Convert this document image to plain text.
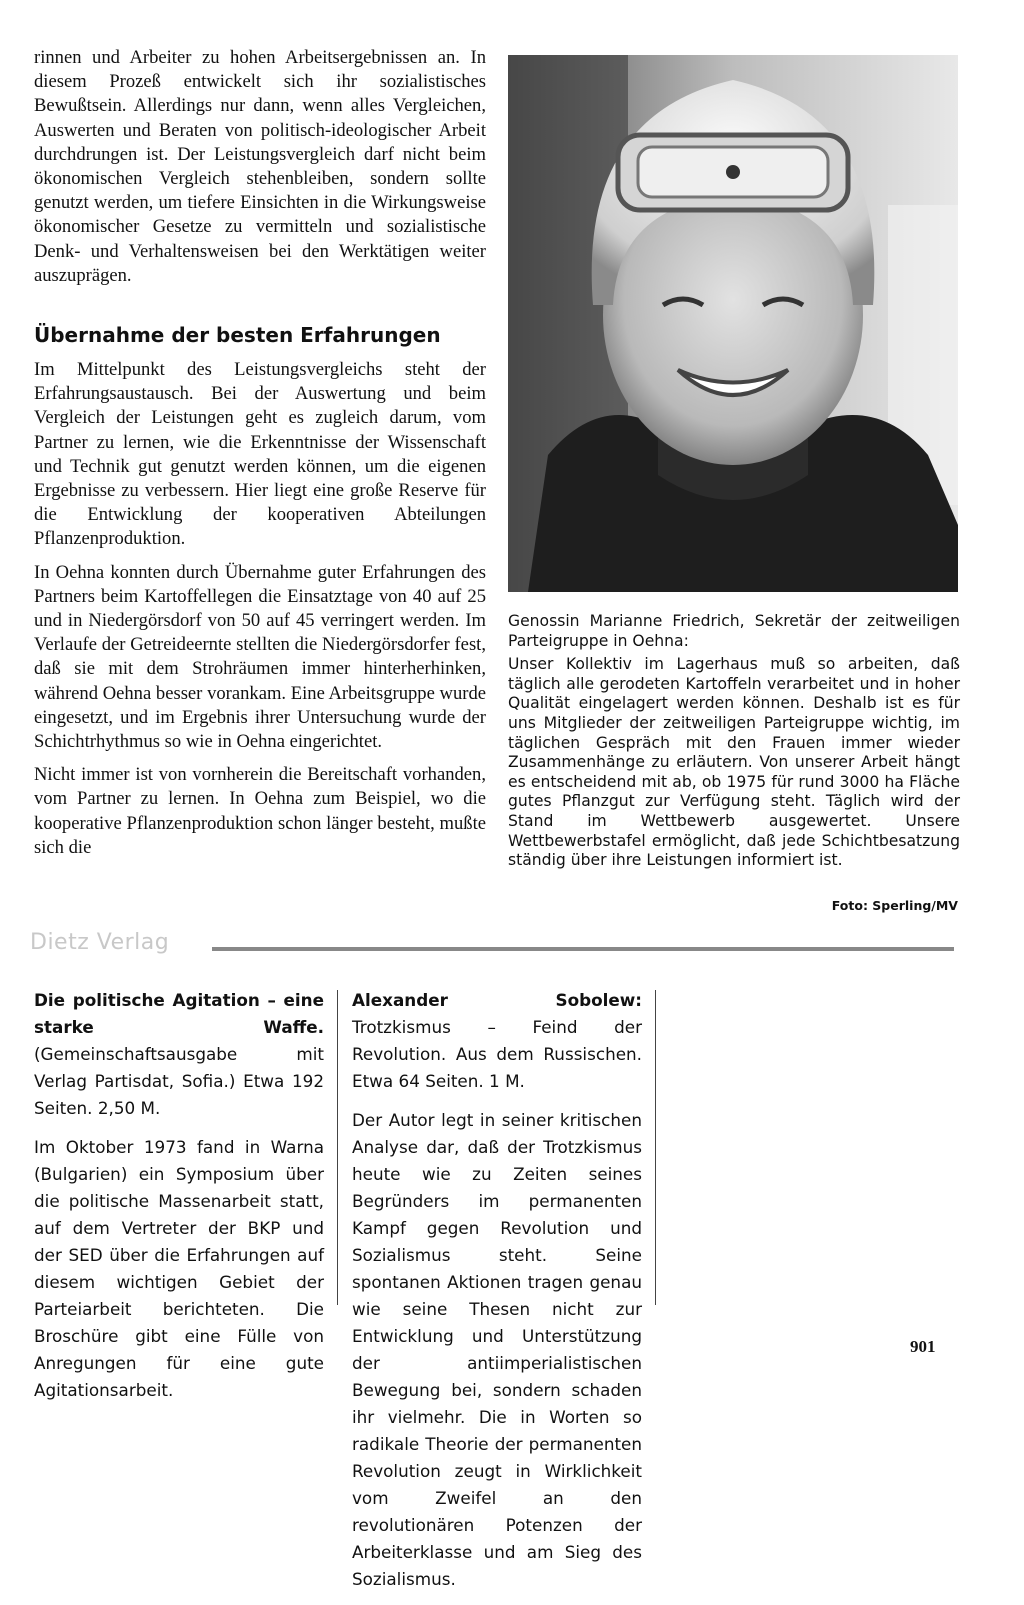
rinnen und Arbeiter zu hohen Arbeitsergebnissen an. In diesem Prozeß entwickelt sich ihr sozialistisches Bewußtsein. Allerdings nur dann, wenn alles Vergleichen, Auswerten und Beraten von politisch-ideologischer Arbeit durchdrungen ist. Der Leistungsvergleich darf nicht beim ökonomischen Vergleich stehenbleiben, sondern sollte genutzt werden, um tiefere Einsichten in die Wirkungsweise ökonomischer Gesetze zu vermitteln und sozialistische Denk- und Verhaltensweisen bei den Werktätigen weiter auszuprägen.

Übernahme der besten Erfahrungen

Im Mittelpunkt des Leistungsvergleichs steht der Erfahrungsaustausch. Bei der Auswertung und beim Vergleich der Leistungen geht es zugleich darum, vom Partner zu lernen, wie die Erkenntnisse der Wissenschaft und Technik gut genutzt werden können, um die eigenen Ergebnisse zu verbessern. Hier liegt eine große Reserve für die Entwicklung der kooperativen Abteilungen Pflanzenproduktion.

In Oehna konnten durch Übernahme guter Erfahrungen des Partners beim Kartoffellegen die Einsatztage von 40 auf 25 und in Niedergörsdorf von 50 auf 45 verringert werden. Im Verlaufe der Getreideernte stellten die Niedergörsdorfer fest, daß sie mit dem Strohräumen immer hinterherhinken, während Oehna besser vorankam. Eine Arbeitsgruppe wurde eingesetzt, und im Ergebnis ihrer Untersuchung wurde der Schichtrhythmus so wie in Oehna eingerichtet.

Nicht immer ist von vornherein die Bereitschaft vorhanden, vom Partner zu lernen. In Oehna zum Beispiel, wo die kooperative Pflanzenproduktion schon länger besteht, mußte sich die

Genossin Marianne Friedrich, Sekretär der zeitweiligen Parteigruppe in Oehna:

Unser Kollektiv im Lagerhaus muß so arbeiten, daß täglich alle gerodeten Kartoffeln verarbeitet und in hoher Qualität eingelagert werden können. Deshalb ist es für uns Mitglieder der zeitweiligen Parteigruppe wichtig, im täglichen Gespräch mit den Frauen immer wieder Zusammenhänge zu erläutern. Von unserer Arbeit hängt es entscheidend mit ab, ob 1975 für rund 3000 ha Fläche gutes Pflanzgut zur Verfügung steht. Täglich wird der Stand im Wettbewerb ausgewertet. Unsere Wettbewerbstafel ermöglicht, daß jede Schichtbesatzung ständig über ihre Leistungen informiert ist.

Foto: Sperling/MV
Dietz Verlag

Die politische Agitation – eine starke Waffe. (Gemeinschaftsausgabe mit Verlag Partisdat, Sofia.) Etwa 192 Seiten. 2,50 M.

Im Oktober 1973 fand in Warna (Bulgarien) ein Symposium über die politische Massenarbeit statt, auf dem Vertreter der BKP und der SED über die Erfahrungen auf diesem wichtigen Gebiet der Parteiarbeit berichteten. Die Broschüre gibt eine Fülle von Anregungen für eine gute Agitationsarbeit.

Alexander Sobolew: Trotzkismus – Feind der Revolution. Aus dem Russischen. Etwa 64 Seiten. 1 M.

Der Autor legt in seiner kritischen Analyse dar, daß der Trotzkismus heute wie zu Zeiten seines Begründers im permanenten Kampf gegen Revolution und Sozialismus steht. Seine spontanen Aktionen tragen genau wie seine Thesen nicht zur Entwicklung und Unterstützung der antiimperialistischen Bewegung bei, sondern schaden ihr vielmehr. Die in Worten so radikale Theorie der permanenten Revolution zeugt in Wirklichkeit vom Zweifel an den revolutionären Potenzen der Arbeiterklasse und am Sieg des Sozialismus.

901
